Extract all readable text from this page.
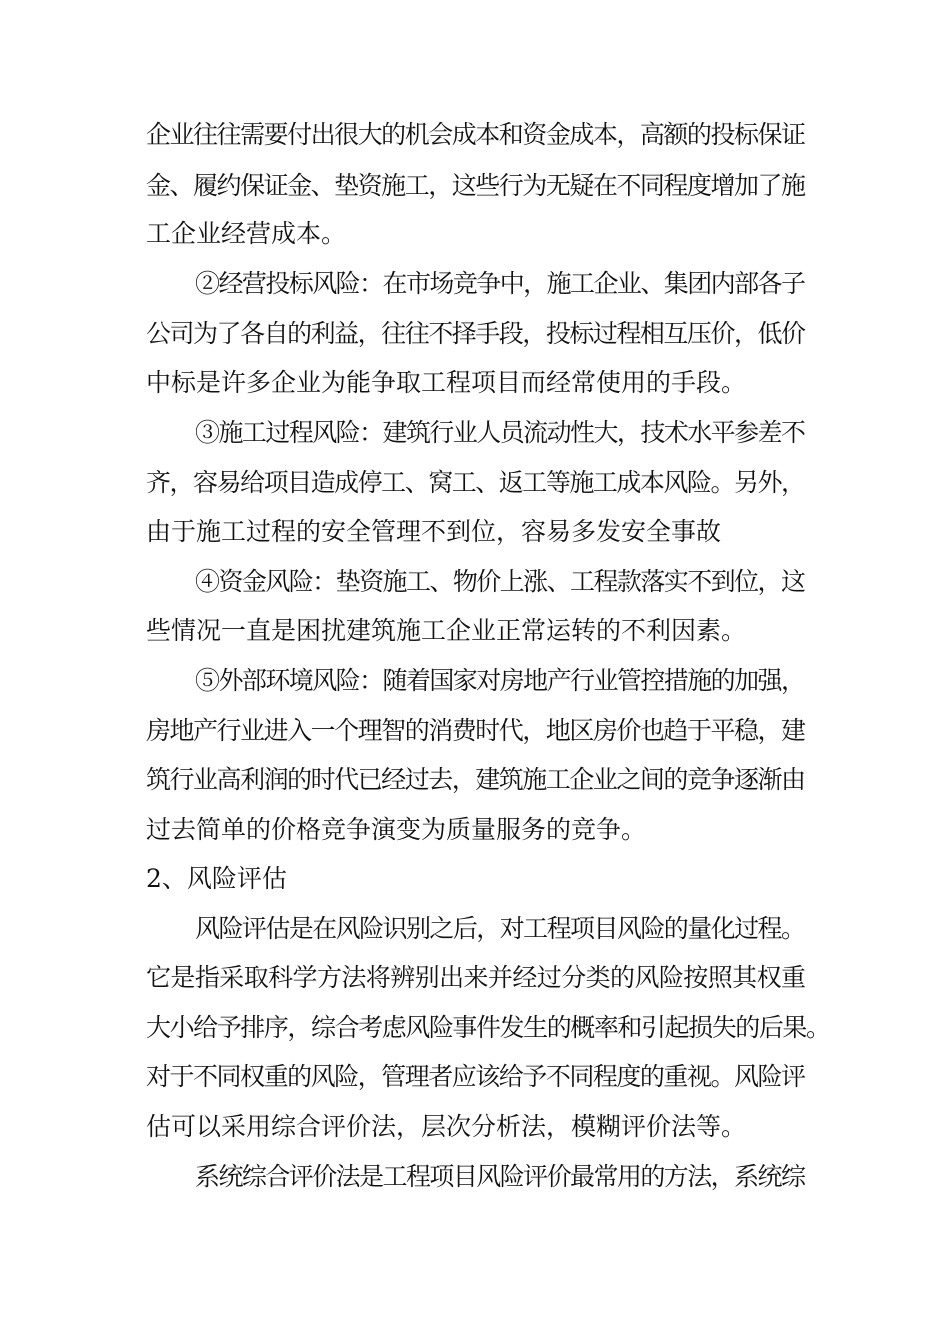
企业往往需要付出很大的机会成本和资金成本，高额的投标保证
金、履约保证金、垫资施工，这些行为无疑在不同程度增加了施
工企业经营成本。
②经营投标风险：在市场竞争中，施工企业、集团内部各子
公司为了各自的利益，往往不择手段，投标过程相互压价，低价
中标是许多企业为能争取工程项目而经常使用的手段。
③施工过程风险：建筑行业人员流动性大，技术水平参差不
齐，容易给项目造成停工、窝工、返工等施工成本风险。另外，
由于施工过程的安全管理不到位，容易多发安全事故
④资金风险：垫资施工、物价上涨、工程款落实不到位，这
些情况一直是困扰建筑施工企业正常运转的不利因素。
⑤外部环境风险：随着国家对房地产行业管控措施的加强，
房地产行业进入一个理智的消费时代，地区房价也趋于平稳，建
筑行业高利润的时代已经过去，建筑施工企业之间的竞争逐渐由
过去简单的价格竞争演变为质量服务的竞争。
2、风险评估
风险评估是在风险识别之后，对工程项目风险的量化过程。
它是指采取科学方法将辨别出来并经过分类的风险按照其权重
大小给予排序，综合考虑风险事件发生的概率和引起损失的后果。
对于不同权重的风险，管理者应该给予不同程度的重视。风险评
估可以采用综合评价法，层次分析法，模糊评价法等。
系统综合评价法是工程项目风险评价最常用的方法，系统综
